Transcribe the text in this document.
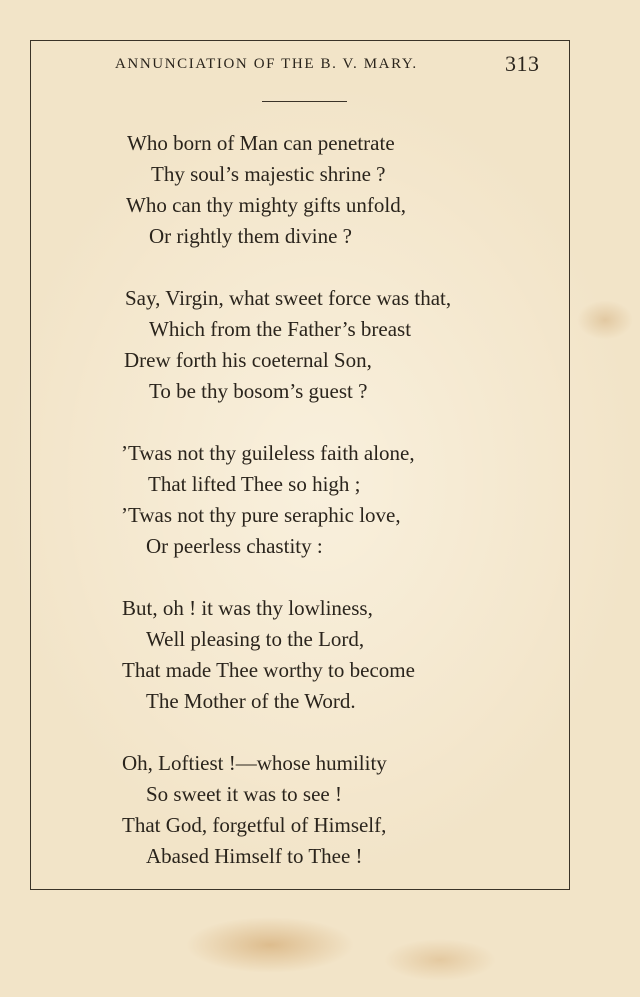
ANNUNCIATION OF THE B. V. MARY.	313
Who born of Man can penetrate
Thy soul’s majestic shrine ?
Who can thy mighty gifts unfold,
Or rightly them divine ?
Say, Virgin, what sweet force was that,
Which from the Father’s breast
Drew forth his coeternal Son,
To be thy bosom’s guest ?
’Twas not thy guileless faith alone,
That lifted Thee so high ;
’Twas not thy pure seraphic love,
Or peerless chastity :
But, oh ! it was thy lowliness,
Well pleasing to the Lord,
That made Thee worthy to become
The Mother of the Word.
Oh, Loftiest !—whose humility
So sweet it was to see !
That God, forgetful of Himself,
Abased Himself to Thee !
